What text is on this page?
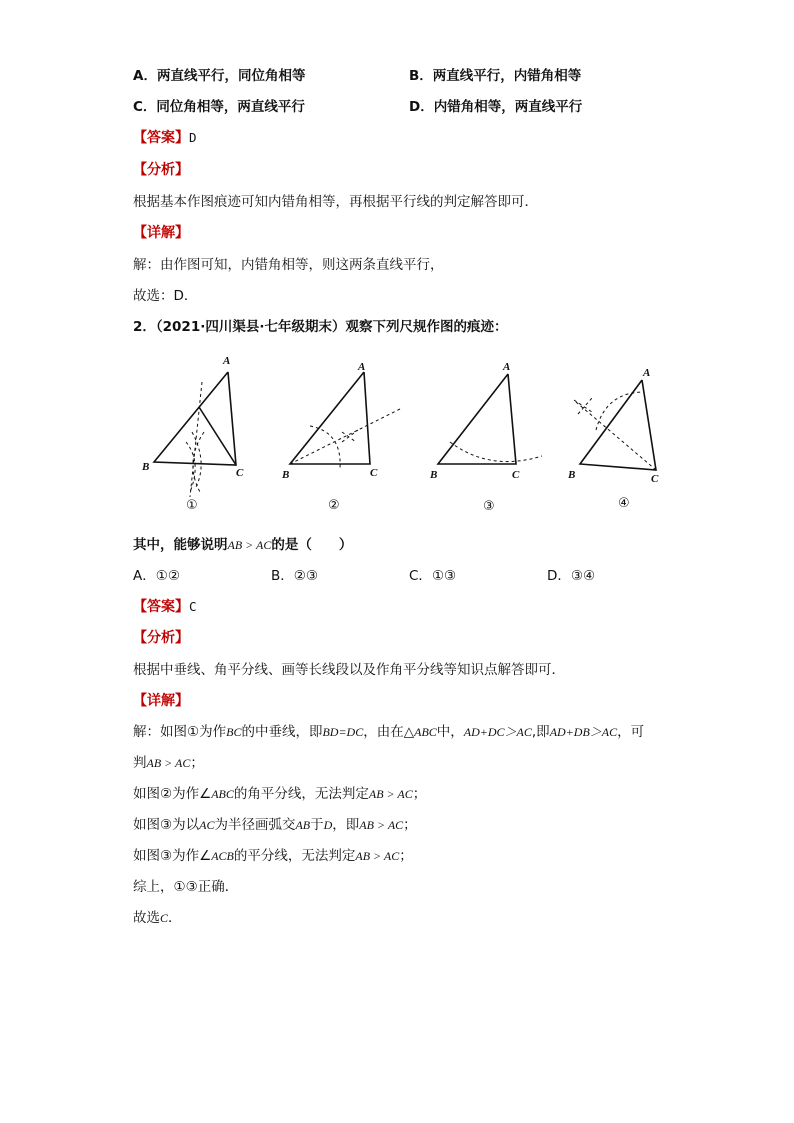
A．两直线平行，同位角相等	B．两直线平行，内错角相等
C．同位角相等，两直线平行	D．内错角相等，两直线平行
【答案】D
【分析】
根据基本作图痕迹可知内错角相等，再根据平行线的判定解答即可．
【详解】
解：由作图可知，内错角相等，则这两条直线平行，
故选：D．
2．（2021·四川渠县·七年级期末）观察下列尺规作图的痕迹：
A
B	C
①
A
B	C
②
A
B	C
③
A
B	C
④
其中，能够说明AB > AC的是（　　）
A．①②	B．②③	C．①③	D．③④
【答案】C
【分析】
根据中垂线、角平分线、画等长线段以及作角平分线等知识点解答即可．
【详解】
解：如图①为作BC的中垂线，即BD=DC，由在△ABC中，AD+DC＞AC,即AD+DB＞AC，可
判AB > AC；
如图②为作∠ABC的角平分线，无法判定AB > AC；
如图③为以AC为半径画弧交AB于D，即AB > AC；
如图③为作∠ACB的平分线，无法判定AB > AC；
综上，①③正确．
故选C．
